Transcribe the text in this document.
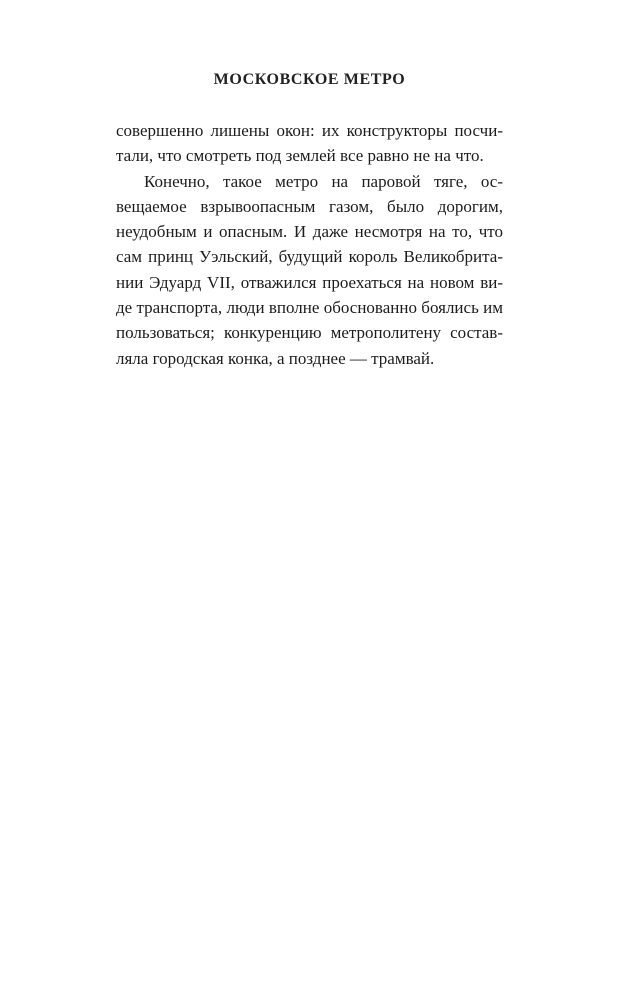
МОСКОВСКОЕ МЕТРО
совершенно лишены окон: их конструкторы посчи-
тали, что смотреть под землей все равно не на что.
Конечно, такое метро на паровой тяге, ос-
вещаемое взрывоопасным газом, было дорогим,
неудобным и опасным. И даже несмотря на то, что
сам принц Уэльский, будущий король Великобрита-
нии Эдуард VII, отважился проехаться на новом ви-
де транспорта, люди вполне обоснованно боялись им
пользоваться; конкуренцию метрополитену состав-
ляла городская конка, а позднее — трамвай.
